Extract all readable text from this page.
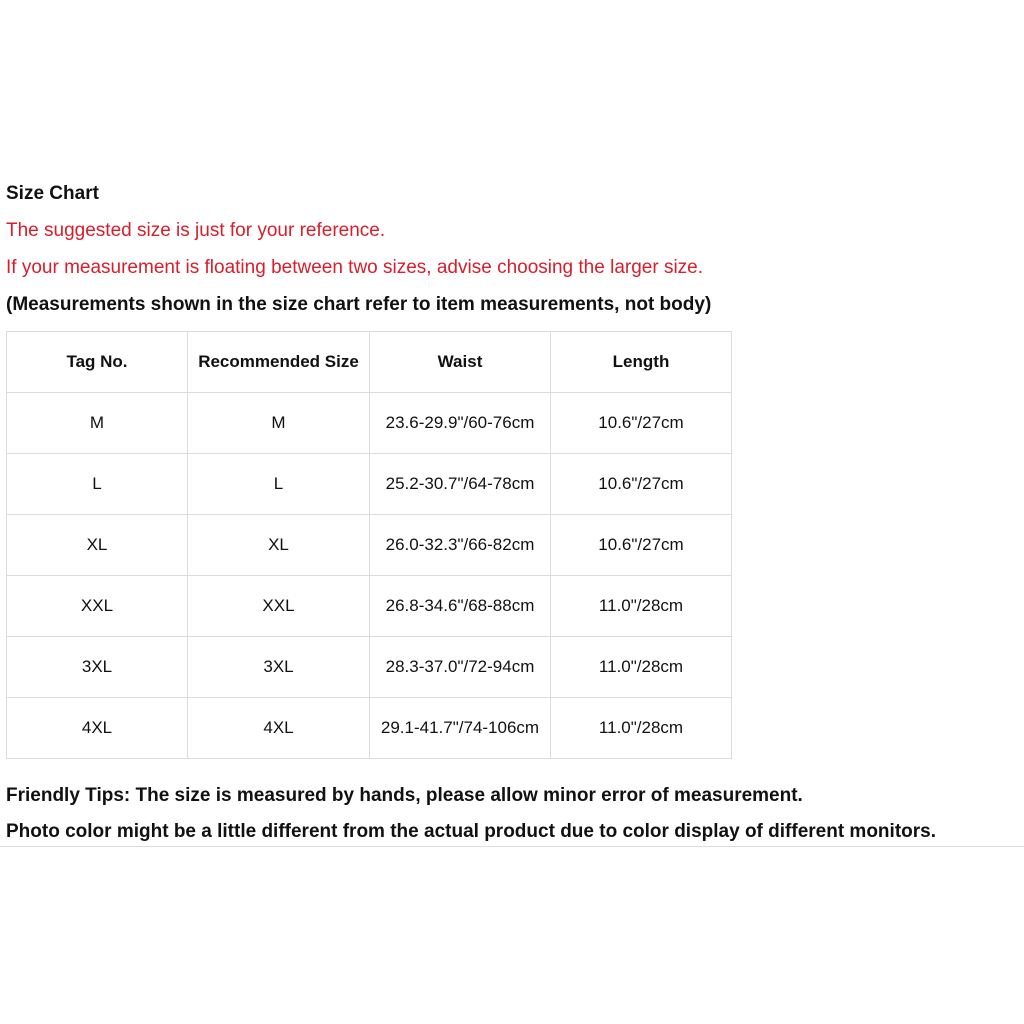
Size Chart
The suggested size is just for your reference.
If your measurement is floating between two sizes, advise choosing the larger size.
(Measurements shown in the size chart refer to item measurements, not body)
Tag No.	Recommended Size	Waist	Length
M	M	23.6-29.9"/60-76cm	10.6"/27cm
L	L	25.2-30.7"/64-78cm	10.6"/27cm
XL	XL	26.0-32.3"/66-82cm	10.6"/27cm
XXL	XXL	26.8-34.6"/68-88cm	11.0"/28cm
3XL	3XL	28.3-37.0"/72-94cm	11.0"/28cm
4XL	4XL	29.1-41.7"/74-106cm	11.0"/28cm
Friendly Tips: The size is measured by hands, please allow minor error of measurement.
Photo color might be a little different from the actual product due to color display of different monitors.
